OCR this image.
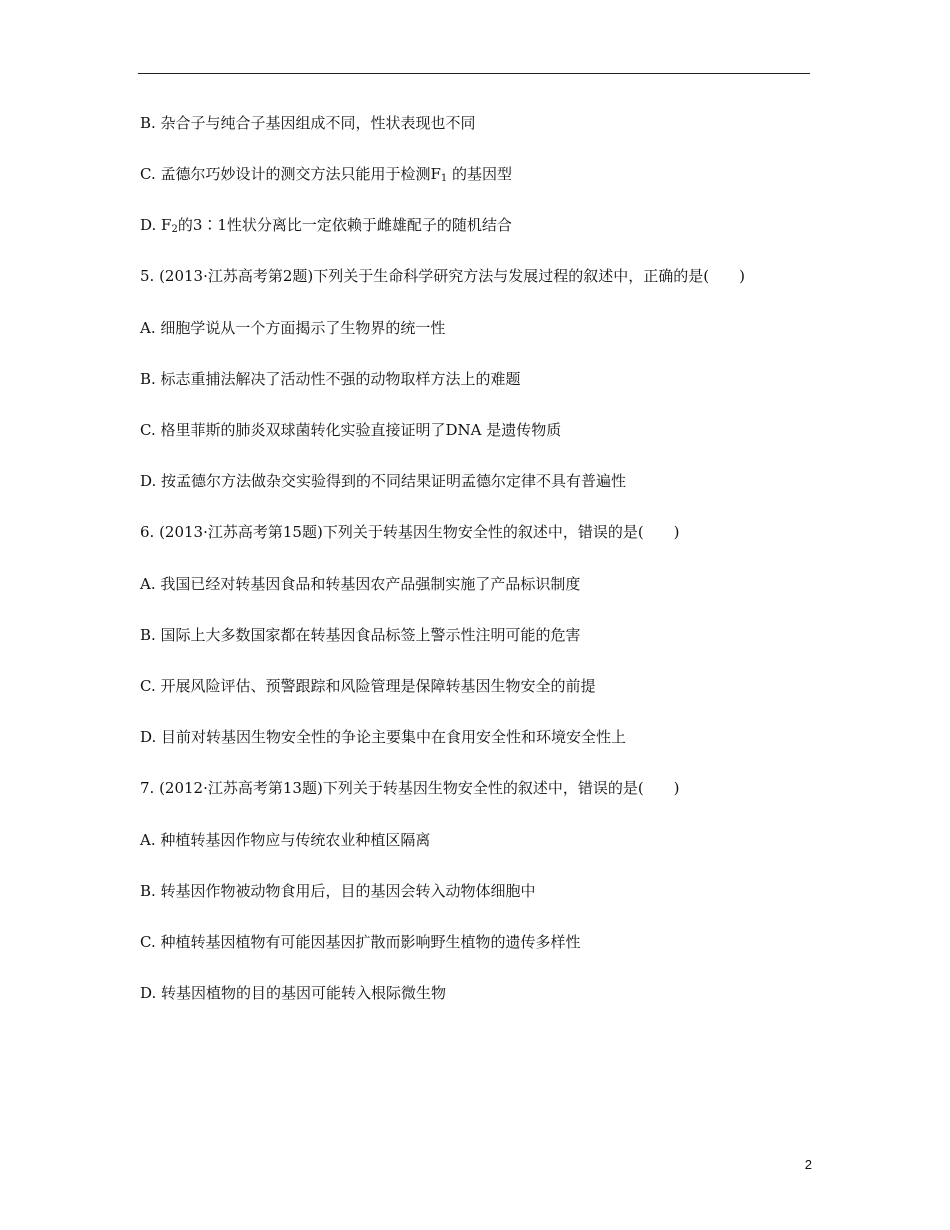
B. 杂合子与纯合子基因组成不同，性状表现也不同
C. 孟德尔巧妙设计的测交方法只能用于检测$F_1$ 的基因型
D. $F_2$的3∶1性状分离比一定依赖于雌雄配子的随机结合
5. (2013·江苏高考第2题)下列关于生命科学研究方法与发展过程的叙述中，正确的是(　　)
A. 细胞学说从一个方面揭示了生物界的统一性
B. 标志重捕法解决了活动性不强的动物取样方法上的难题
C. 格里菲斯的肺炎双球菌转化实验直接证明了DNA 是遗传物质
D. 按孟德尔方法做杂交实验得到的不同结果证明孟德尔定律不具有普遍性
6. (2013·江苏高考第15题)下列关于转基因生物安全性的叙述中，错误的是(　　)
A. 我国已经对转基因食品和转基因农产品强制实施了产品标识制度
B. 国际上大多数国家都在转基因食品标签上警示性注明可能的危害
C. 开展风险评估、预警跟踪和风险管理是保障转基因生物安全的前提
D. 目前对转基因生物安全性的争论主要集中在食用安全性和环境安全性上
7. (2012·江苏高考第13题)下列关于转基因生物安全性的叙述中，错误的是(　　)
A. 种植转基因作物应与传统农业种植区隔离
B. 转基因作物被动物食用后，目的基因会转入动物体细胞中
C. 种植转基因植物有可能因基因扩散而影响野生植物的遗传多样性
D. 转基因植物的目的基因可能转入根际微生物
2
